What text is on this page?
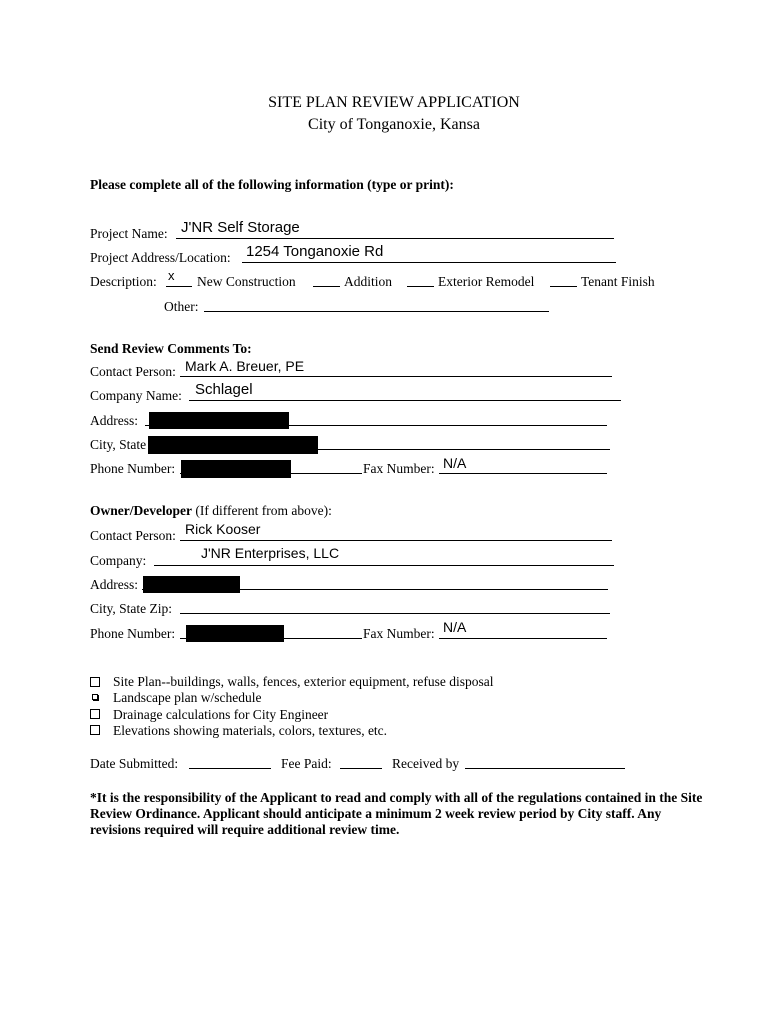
SITE PLAN REVIEW APPLICATION
City of Tonganoxie, Kansa
Please complete all of the following information (type or print):
Project Name: J'NR Self Storage
Project Address/Location: 1254 Tonganoxie Rd
Description: x New Construction	Addition	Exterior Remodel	Tenant Finish
Other:
Send Review Comments To:
Contact Person: Mark A. Breuer, PE
Company Name: Schlagel
Address:
City, State
Phone Number:	Fax Number: N/A
Owner/Developer (If different from above):
Contact Person: Rick Kooser
Company:	J'NR Enterprises, LLC
Address:
City, State Zip:
Phone Number:	Fax Number: N/A
Site Plan--buildings, walls, fences, exterior equipment, refuse disposal
Landscape plan w/schedule
Drainage calculations for City Engineer
Elevations showing materials, colors, textures, etc.
Date Submitted:	Fee Paid:	Received by
*It is the responsibility of the Applicant to read and comply with all of the regulations contained in the Site Review Ordinance. Applicant should anticipate a minimum 2 week review period by City staff. Any revisions required will require additional review time.
